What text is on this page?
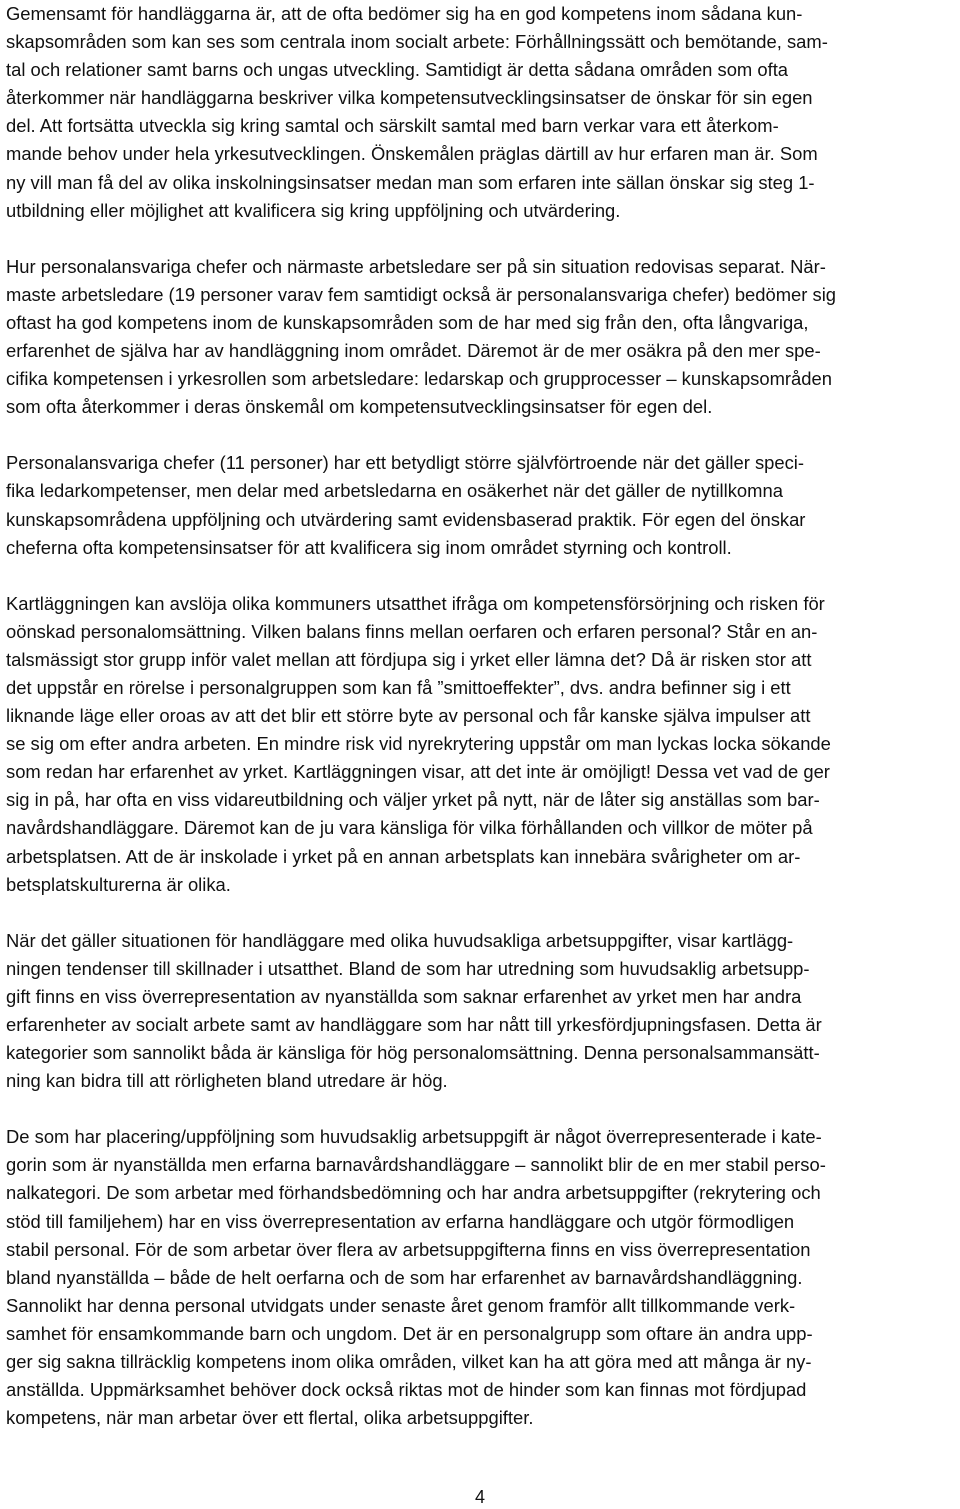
Gemensamt för handläggarna är, att de ofta bedömer sig ha en god kompetens inom sådana kun-
skapsområden som kan ses som centrala inom socialt arbete: Förhållningssätt och bemötande, sam-
tal och relationer samt barns och ungas utveckling. Samtidigt är detta sådana områden som ofta
återkommer när handläggarna beskriver vilka kompetensutvecklingsinsatser de önskar för sin egen
del. Att fortsätta utveckla sig kring samtal och särskilt samtal med barn verkar vara ett återkom-
mande behov under hela yrkesutvecklingen. Önskemålen präglas därtill av hur erfaren man är. Som
ny vill man få del av olika inskolningsinsatser medan man som erfaren inte sällan önskar sig steg 1-
utbildning eller möjlighet att kvalificera sig kring uppföljning och utvärdering.

Hur personalansvariga chefer och närmaste arbetsledare ser på sin situation redovisas separat. När-
maste arbetsledare (19 personer varav fem samtidigt också är personalansvariga chefer) bedömer sig
oftast ha god kompetens inom de kunskapsområden som de har med sig från den, ofta långvariga,
erfarenhet de själva har av handläggning inom området. Däremot är de mer osäkra på den mer spe-
cifika kompetensen i yrkesrollen som arbetsledare: ledarskap och grupprocesser – kunskapsområden
som ofta återkommer i deras önskemål om kompetensutvecklingsinsatser för egen del.

Personalansvariga chefer (11 personer) har ett betydligt större självförtroende när det gäller speci-
fika ledarkompetenser, men delar med arbetsledarna en osäkerhet när det gäller de nytillkomna
kunskapsområdena uppföljning och utvärdering samt evidensbaserad praktik. För egen del önskar
cheferna ofta kompetensinsatser för att kvalificera sig inom området styrning och kontroll.

Kartläggningen kan avslöja olika kommuners utsatthet ifråga om kompetensförsörjning och risken för
oönskad personalomsättning. Vilken balans finns mellan oerfaren och erfaren personal? Står en an-
talsmässigt stor grupp inför valet mellan att fördjupa sig i yrket eller lämna det? Då är risken stor att
det uppstår en rörelse i personalgruppen som kan få ”smittoeffekter”, dvs. andra befinner sig i ett
liknande läge eller oroas av att det blir ett större byte av personal och får kanske själva impulser att
se sig om efter andra arbeten. En mindre risk vid nyrekrytering uppstår om man lyckas locka sökande
som redan har erfarenhet av yrket. Kartläggningen visar, att det inte är omöjligt! Dessa vet vad de ger
sig in på, har ofta en viss vidareutbildning och väljer yrket på nytt, när de låter sig anställas som bar-
navårdshandläggare. Däremot kan de ju vara känsliga för vilka förhållanden och villkor de möter på
arbetsplatsen. Att de är inskolade i yrket på en annan arbetsplats kan innebära svårigheter om ar-
betsplatskulturerna är olika.

När det gäller situationen för handläggare med olika huvudsakliga arbetsuppgifter, visar kartlägg-
ningen tendenser till skillnader i utsatthet. Bland de som har utredning som huvudsaklig arbetsupp-
gift finns en viss överrepresentation av nyanställda som saknar erfarenhet av yrket men har andra
erfarenheter av socialt arbete samt av handläggare som har nått till yrkesfördjupningsfasen. Detta är
kategorier som sannolikt båda är känsliga för hög personalomsättning. Denna personalsammansätt-
ning kan bidra till att rörligheten bland utredare är hög.

De som har placering/uppföljning som huvudsaklig arbetsuppgift är något överrepresenterade i kate-
gorin som är nyanställda men erfarna barnavårdshandläggare – sannolikt blir de en mer stabil perso-
nalkategori. De som arbetar med förhandsbedömning och har andra arbetsuppgifter (rekrytering och
stöd till familjehem) har en viss överrepresentation av erfarna handläggare och utgör förmodligen
stabil personal. För de som arbetar över flera av arbetsuppgifterna finns en viss överrepresentation
bland nyanställda – både de helt oerfarna och de som har erfarenhet av barnavårdshandläggning.
Sannolikt har denna personal utvidgats under senaste året genom framför allt tillkommande verk-
samhet för ensamkommande barn och ungdom. Det är en personalgrupp som oftare än andra upp-
ger sig sakna tillräcklig kompetens inom olika områden, vilket kan ha att göra med att många är ny-
anställda. Uppmärksamhet behöver dock också riktas mot de hinder som kan finnas mot fördjupad
kompetens, när man arbetar över ett flertal, olika arbetsuppgifter.

4
